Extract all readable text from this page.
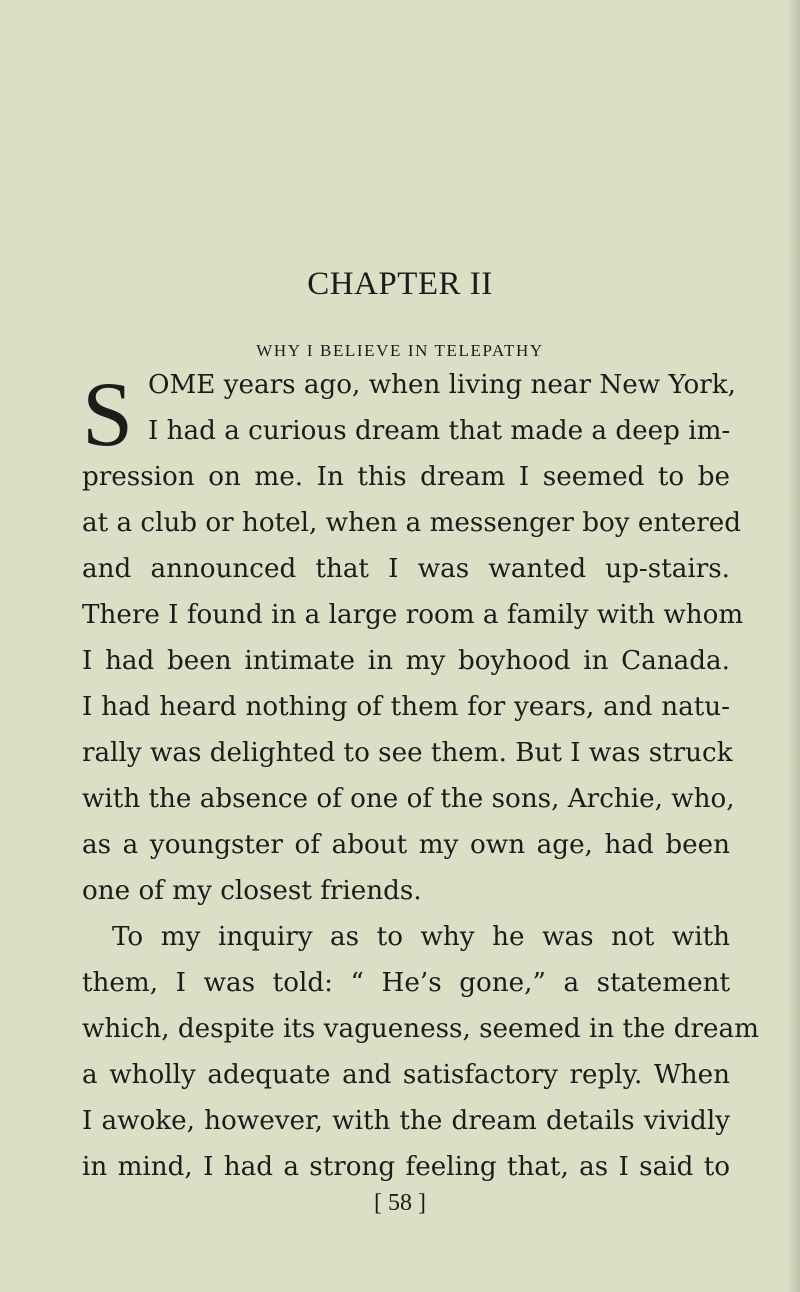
CHAPTER II
WHY I BELIEVE IN TELEPATHY
S OME years ago, when living near New York,
I had a curious dream that made a deep im-
pression on me. In this dream I seemed to be
at a club or hotel, when a messenger boy entered
and announced that I was wanted up-stairs.
There I found in a large room a family with whom
I had been intimate in my boyhood in Canada.
I had heard nothing of them for years, and natu-
rally was delighted to see them. But I was struck
with the absence of one of the sons, Archie, who,
as a youngster of about my own age, had been
one of my closest friends.
To my inquiry as to why he was not with
them, I was told: “ He’s gone,” a statement
which, despite its vagueness, seemed in the dream
a wholly adequate and satisfactory reply. When
I awoke, however, with the dream details vividly
in mind, I had a strong feeling that, as I said to
[ 58 ]
